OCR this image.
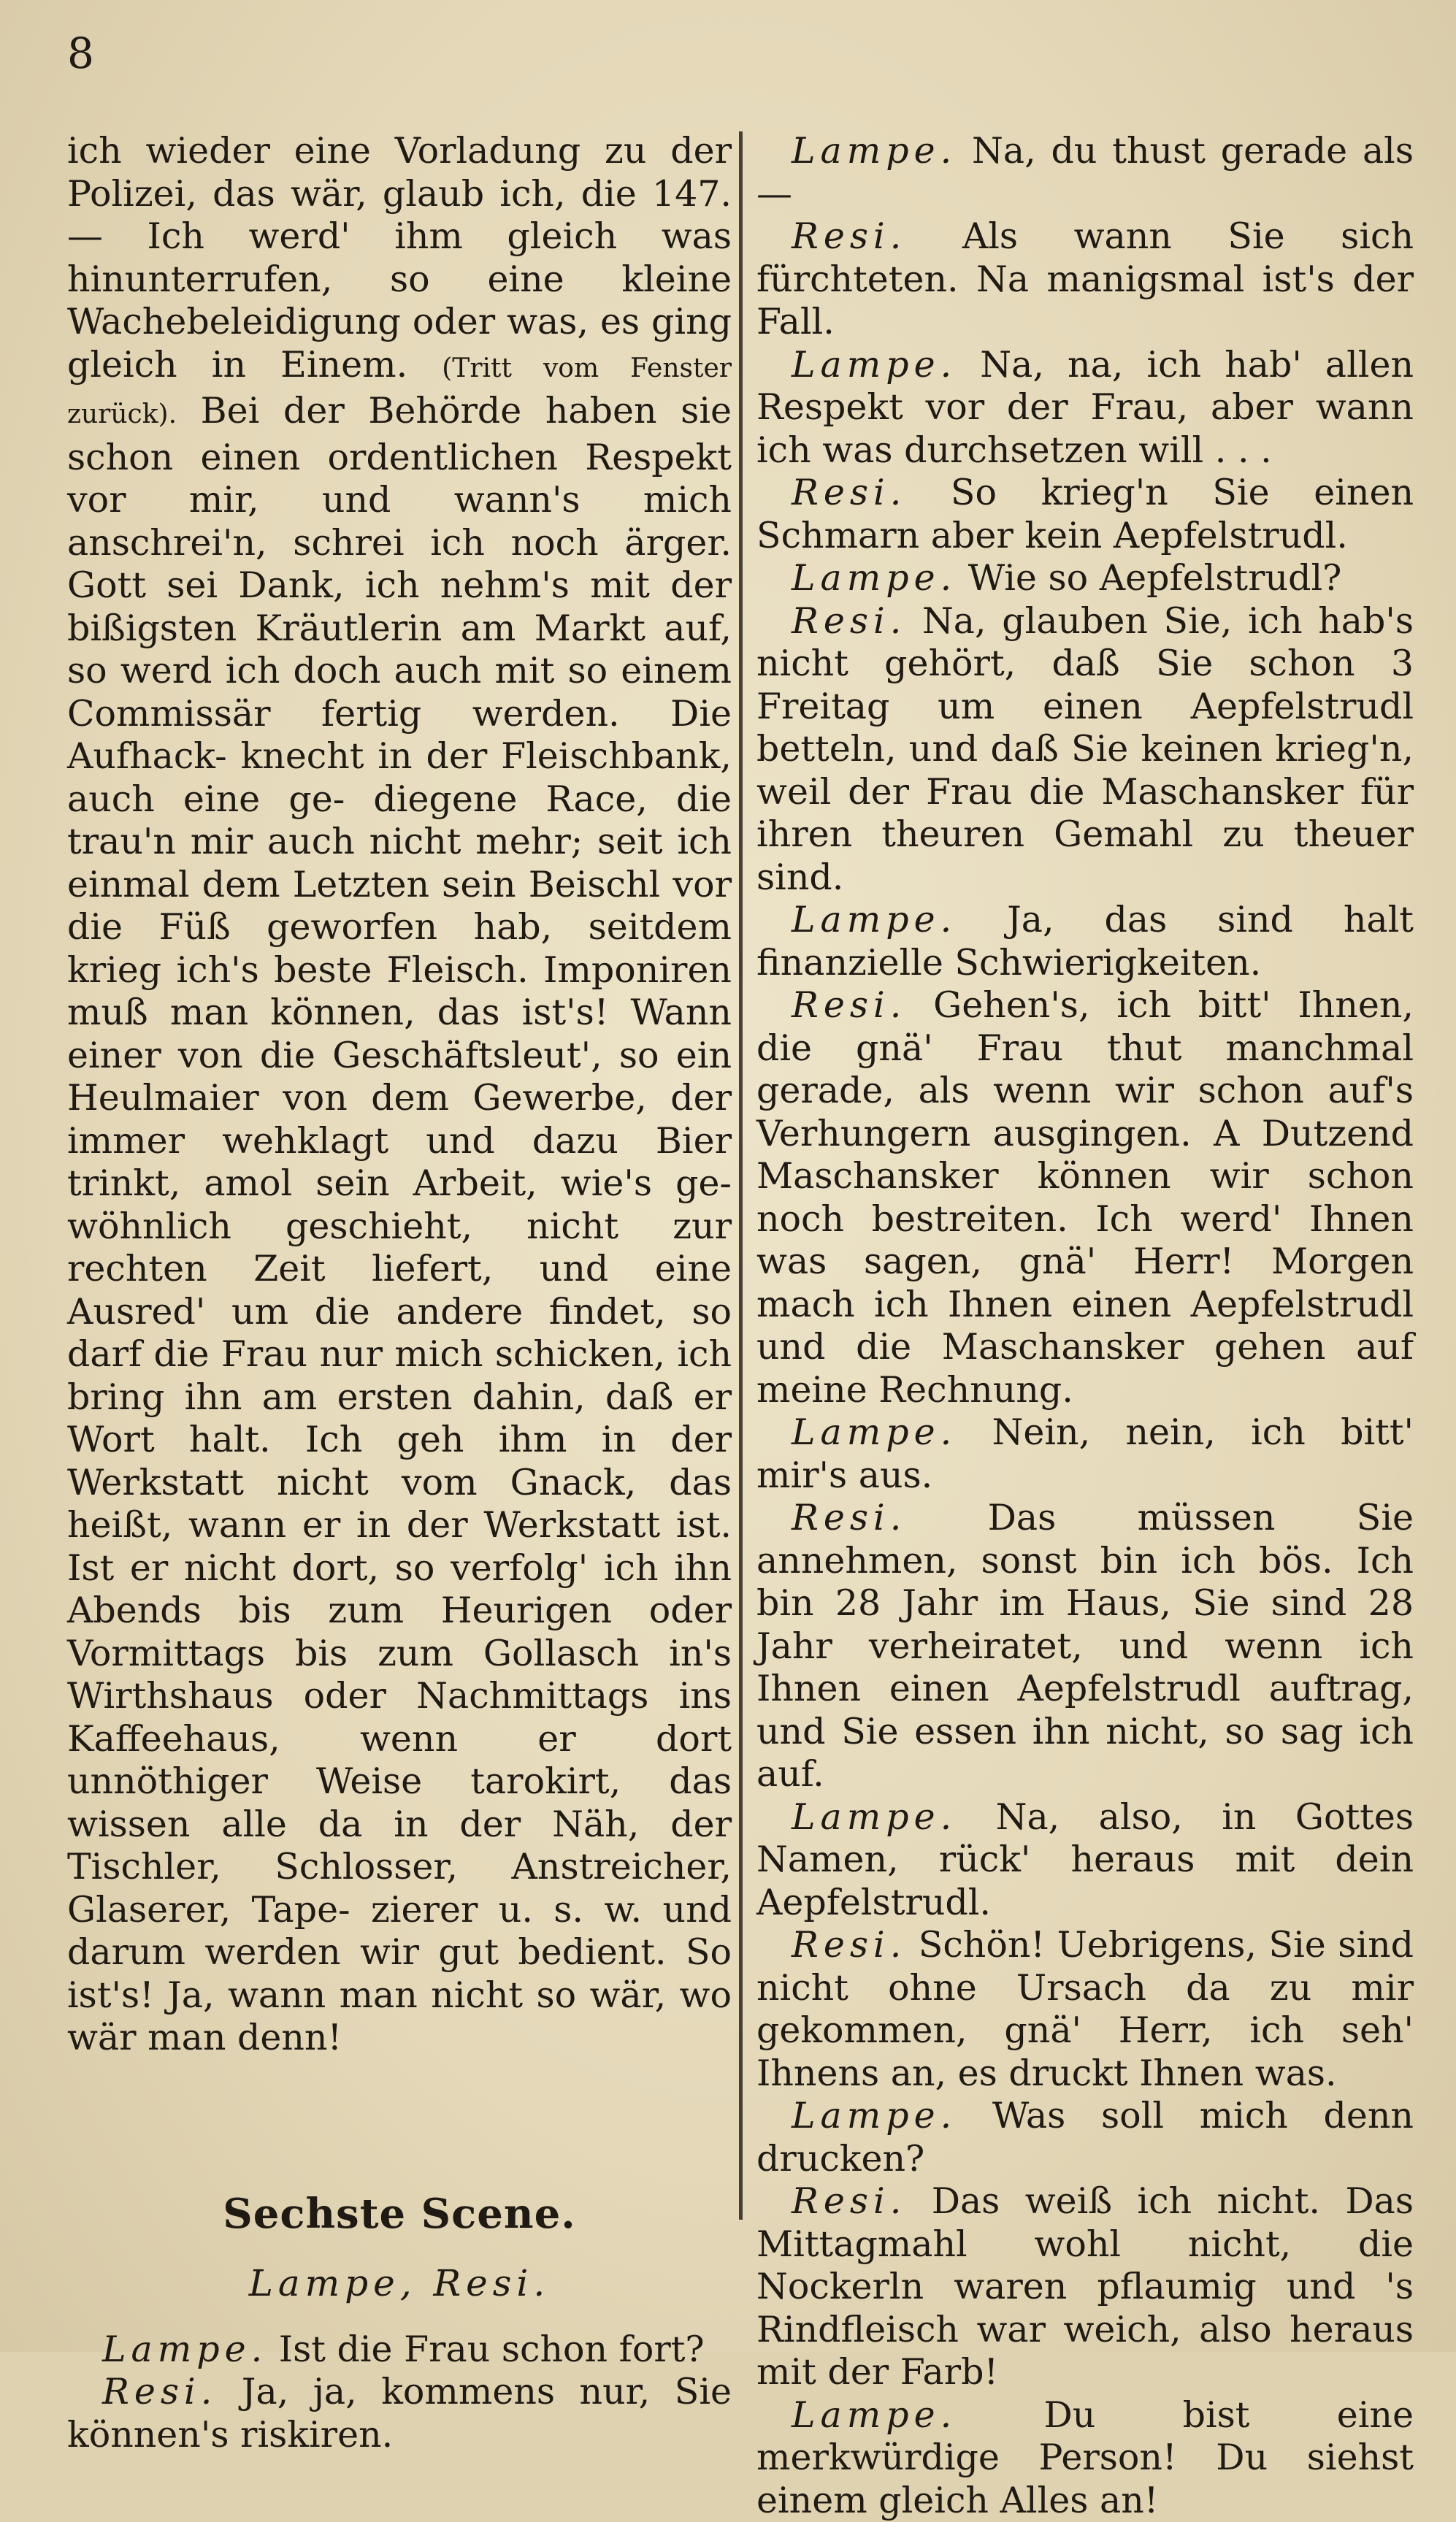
8

ich wieder eine Vorladung zu der Polizei, das wär, glaub ich, die 147. — Ich werd' ihm gleich was hinunterrufen, so eine kleine Wachebeleidigung oder was, es ging gleich in Einem. (Tritt vom Fenster zurück). Bei der Behörde haben sie schon einen ordentlichen Respekt vor mir, und wann's mich anschrei'n, schrei ich noch ärger. Gott sei Dank, ich nehm's mit der bißigsten Kräutlerin am Markt auf, so werd ich doch auch mit so einem Commissär fertig werden. Die Aufhack- knecht in der Fleischbank, auch eine ge- diegene Race, die trau'n mir auch nicht mehr; seit ich einmal dem Letzten sein Beischl vor die Füß geworfen hab, seitdem krieg ich's beste Fleisch. Imponiren muß man können, das ist's! Wann einer von die Geschäftsleut', so ein Heulmaier von dem Gewerbe, der immer wehklagt und dazu Bier trinkt, amol sein Arbeit, wie's ge- wöhnlich geschieht, nicht zur rechten Zeit liefert, und eine Ausred' um die andere findet, so darf die Frau nur mich schicken, ich bring ihn am ersten dahin, daß er Wort halt. Ich geh ihm in der Werkstatt nicht vom Gnack, das heißt, wann er in der Werkstatt ist. Ist er nicht dort, so verfolg' ich ihn Abends bis zum Heurigen oder Vormittags bis zum Gollasch in's Wirthshaus oder Nachmittags ins Kaffeehaus, wenn er dort unnöthiger Weise tarokirt, das wissen alle da in der Näh, der Tischler, Schlosser, Anstreicher, Glaserer, Tape- zierer u. s. w. und darum werden wir gut bedient. So ist's! Ja, wann man nicht so wär, wo wär man denn!

Sechste Scene.
Lampe, Resi.

Lampe. Ist die Frau schon fort?

Resi. Ja, ja, kommens nur, Sie können's riskiren.

Lampe. Na, du thust gerade als —

Resi. Als wann Sie sich fürchteten. Na manigsmal ist's der Fall.

Lampe. Na, na, ich hab' allen Respekt vor der Frau, aber wann ich was durchsetzen will . . .

Resi. So krieg'n Sie einen Schmarn aber kein Aepfelstrudl.

Lampe. Wie so Aepfelstrudl?

Resi. Na, glauben Sie, ich hab's nicht gehört, daß Sie schon 3 Freitag um einen Aepfelstrudl betteln, und daß Sie keinen krieg'n, weil der Frau die Maschansker für ihren theuren Gemahl zu theuer sind.

Lampe. Ja, das sind halt finanzielle Schwierigkeiten.

Resi. Gehen's, ich bitt' Ihnen, die gnä' Frau thut manchmal gerade, als wenn wir schon auf's Verhungern ausgingen. A Dutzend Maschansker können wir schon noch bestreiten. Ich werd' Ihnen was sagen, gnä' Herr! Morgen mach ich Ihnen einen Aepfelstrudl und die Maschansker gehen auf meine Rechnung.

Lampe. Nein, nein, ich bitt' mir's aus.

Resi. Das müssen Sie annehmen, sonst bin ich bös. Ich bin 28 Jahr im Haus, Sie sind 28 Jahr verheiratet, und wenn ich Ihnen einen Aepfelstrudl auftrag, und Sie essen ihn nicht, so sag ich auf.

Lampe. Na, also, in Gottes Namen, rück' heraus mit dein Aepfelstrudl.

Resi. Schön! Uebrigens, Sie sind nicht ohne Ursach da zu mir gekommen, gnä' Herr, ich seh' Ihnens an, es druckt Ihnen was.

Lampe. Was soll mich denn drucken?

Resi. Das weiß ich nicht. Das Mittagmahl wohl nicht, die Nockerln waren pflaumig und 's Rindfleisch war weich, also heraus mit der Farb!

Lampe. Du bist eine merkwürdige Person! Du siehst einem gleich Alles an!
